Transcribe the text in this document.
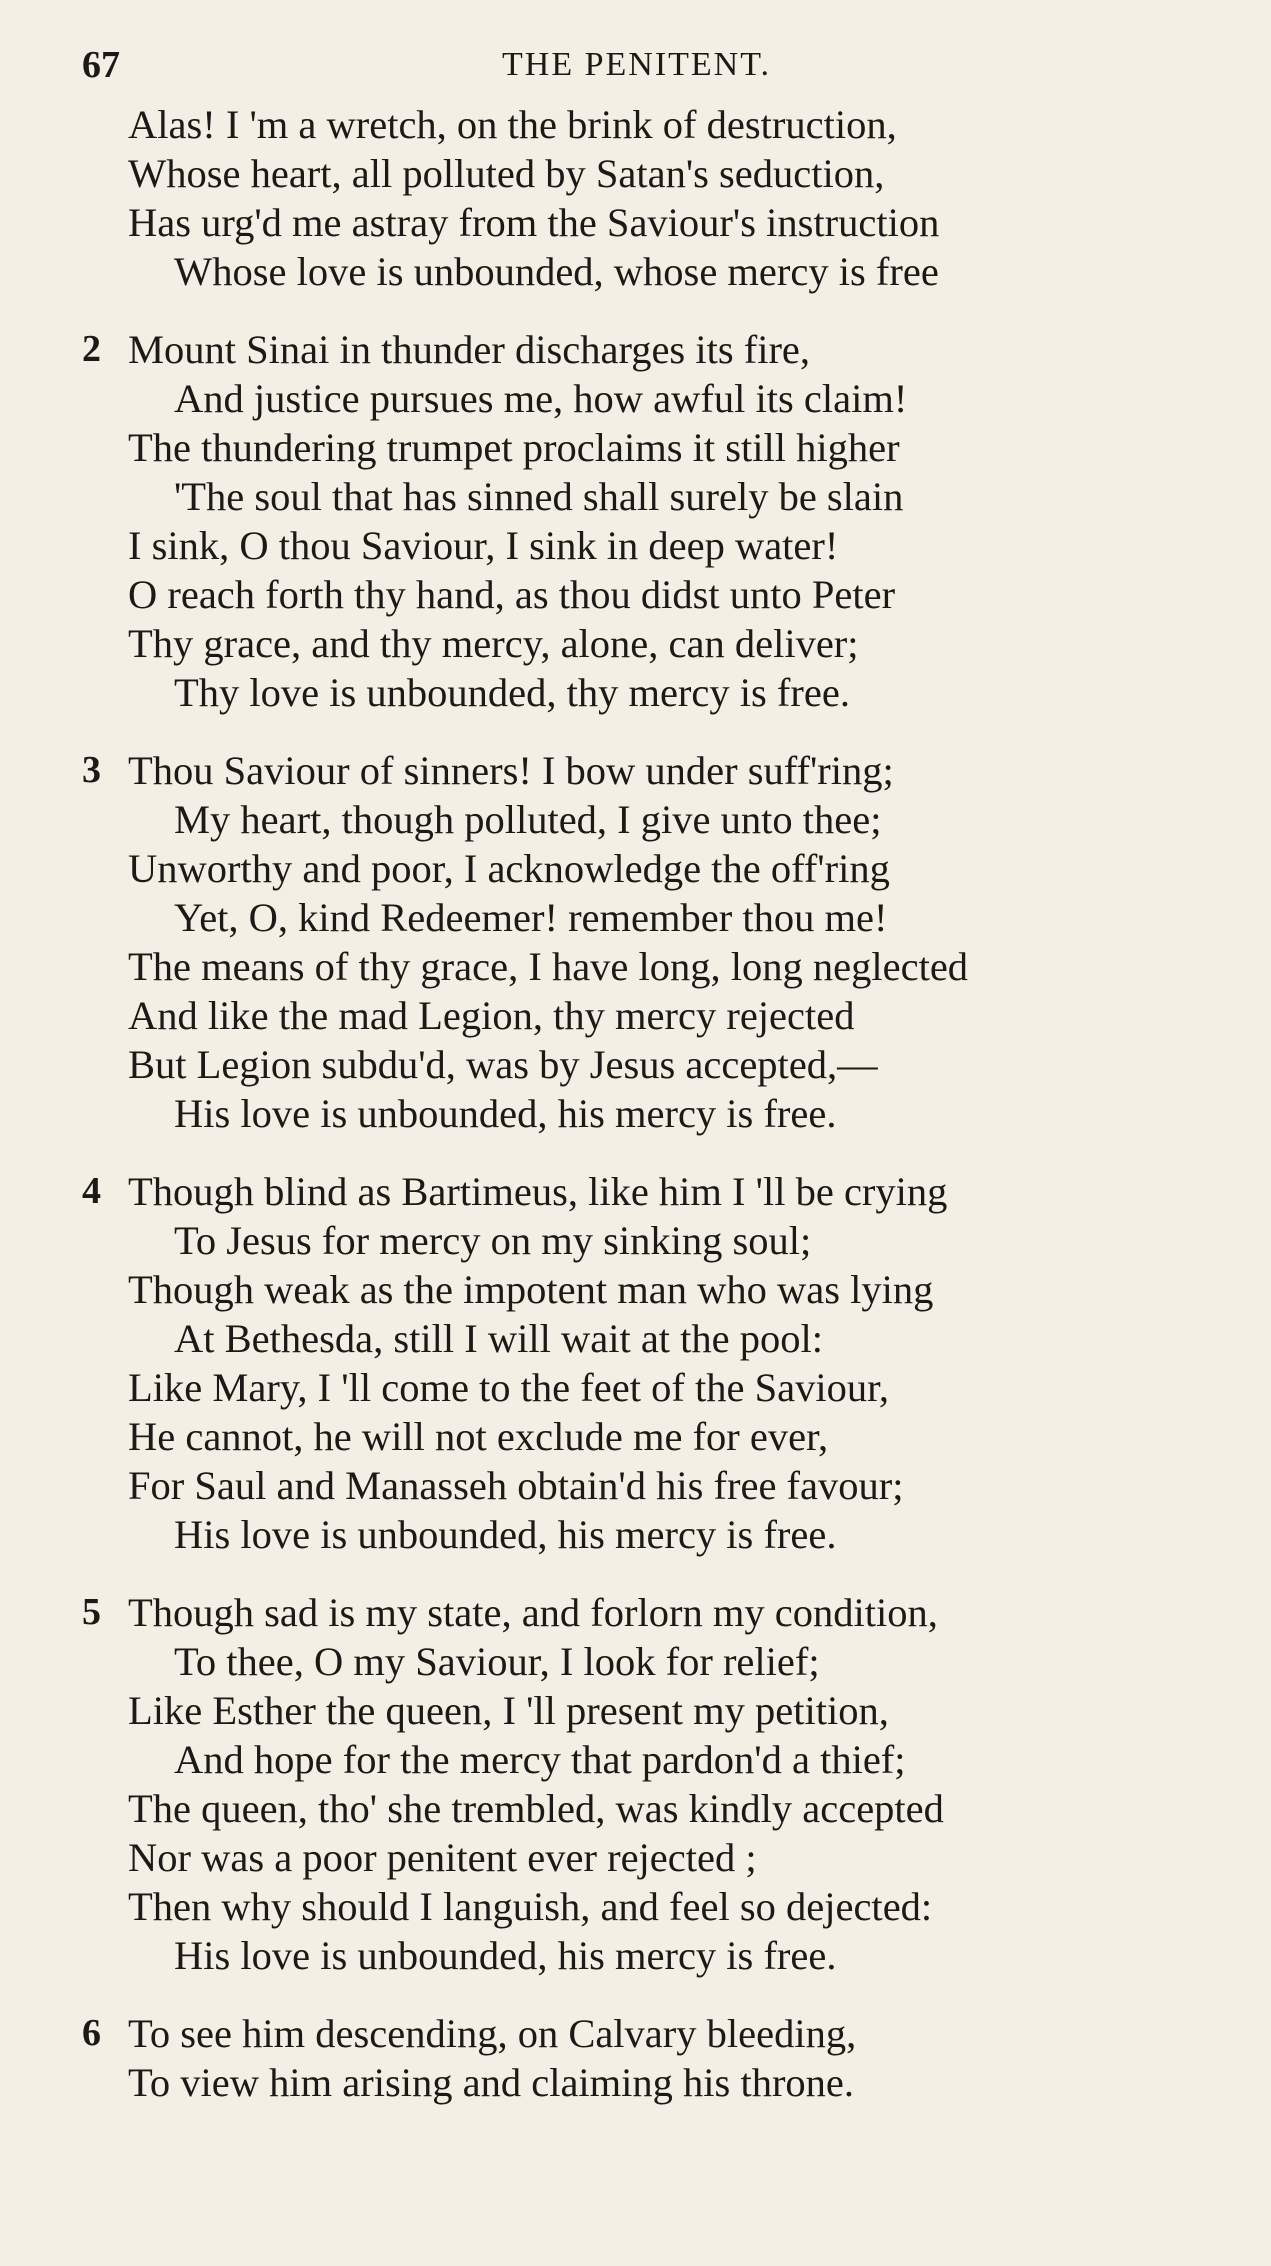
67	THE PENITENT.
Alas! I 'm a wretch, on the brink of destruction,
Whose heart, all polluted by Satan's seduction,
Has urg'd me astray from the Saviour's instruction
Whose love is unbounded, whose mercy is free
2 Mount Sinai in thunder discharges its fire,
And justice pursues me, how awful its claim!
The thundering trumpet proclaims it still higher
'The soul that has sinned shall surely be slain
I sink, O thou Saviour, I sink in deep water!
O reach forth thy hand, as thou didst unto Peter
Thy grace, and thy mercy, alone, can deliver;
Thy love is unbounded, thy mercy is free.
3 Thou Saviour of sinners! I bow under suff'ring;
My heart, though polluted, I give unto thee;
Unworthy and poor, I acknowledge the off'ring
Yet, O, kind Redeemer! remember thou me!
The means of thy grace, I have long, long neglected
And like the mad Legion, thy mercy rejected
But Legion subdu'd, was by Jesus accepted,—
His love is unbounded, his mercy is free.
4 Though blind as Bartimeus, like him I 'll be crying
To Jesus for mercy on my sinking soul;
Though weak as the impotent man who was lying
At Bethesda, still I will wait at the pool:
Like Mary, I 'll come to the feet of the Saviour,
He cannot, he will not exclude me for ever,
For Saul and Manasseh obtain'd his free favour;
His love is unbounded, his mercy is free.
5 Though sad is my state, and forlorn my condition,
To thee, O my Saviour, I look for relief;
Like Esther the queen, I 'll present my petition,
And hope for the mercy that pardon'd a thief;
The queen, tho' she trembled, was kindly accepted
Nor was a poor penitent ever rejected ;
Then why should I languish, and feel so dejected:
His love is unbounded, his mercy is free.
6 To see him descending, on Calvary bleeding,
To view him arising and claiming his throne.
